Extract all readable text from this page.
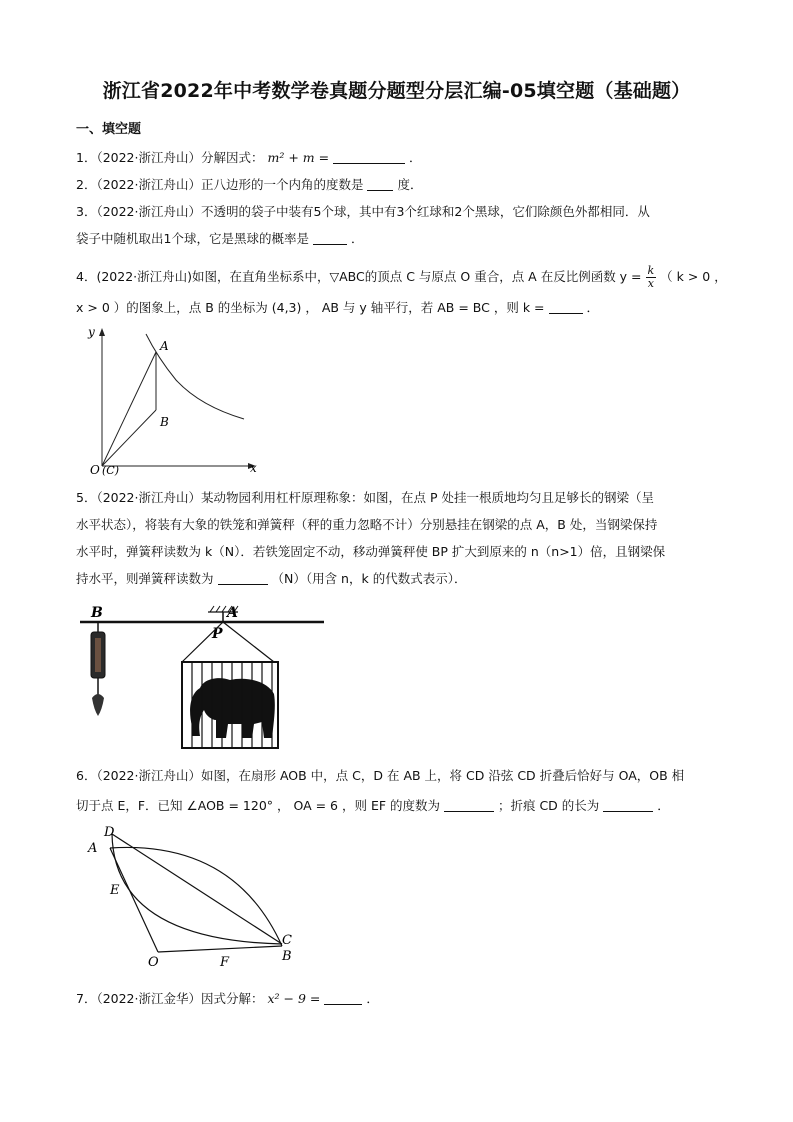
浙江省2022年中考数学卷真题分题型分层汇编-05填空题（基础题）
一、填空题
1．（2022·浙江舟山）分解因式： m² + m =	．
2．（2022·浙江舟山）正八边形的一个内角的度数是	度．
3．（2022·浙江舟山）不透明的袋子中装有5个球，其中有3个红球和2个黑球，它们除颜色外都相同．从
袋子中随机取出1个球，它是黑球的概率是	．
4．(2022·浙江舟山)如图，在直角坐标系中，▽ABC的顶点 C 与原点 O 重合，点 A 在反比例函数 $y = \frac{k}{x}$ （ k > 0 ，
x > 0 ）的图象上，点 B 的坐标为 (4,3) ， AB 与 y 轴平行，若 AB = BC ，则 k =	．
y
x
A
B
O (C)
5．（2022·浙江舟山）某动物园利用杠杆原理称象：如图，在点 P 处挂一根质地均匀且足够长的钢梁（呈
水平状态），将装有大象的铁笼和弹簧秤（秤的重力忽略不计）分别悬挂在钢梁的点 A，B 处，当钢梁保持
水平时，弹簧秤读数为 k（N）．若铁笼固定不动，移动弹簧秤使 BP 扩大到原来的 n（n>1）倍，且钢梁保
持水平，则弹簧秤读数为	（N）（用含 n，k 的代数式表示）．
B	A
P
6．（2022·浙江舟山）如图，在扇形 AOB 中，点 C，D 在 AB 上，将 CD 沿弦 CD 折叠后恰好与 OA，OB 相
切于点 E，F．已知 ∠AOB = 120° ， OA = 6 ，则 EF 的度数为	；折痕 CD 的长为	．
D
A
E
O	F
C
B
7．（2022·浙江金华）因式分解： x² − 9 =	．
